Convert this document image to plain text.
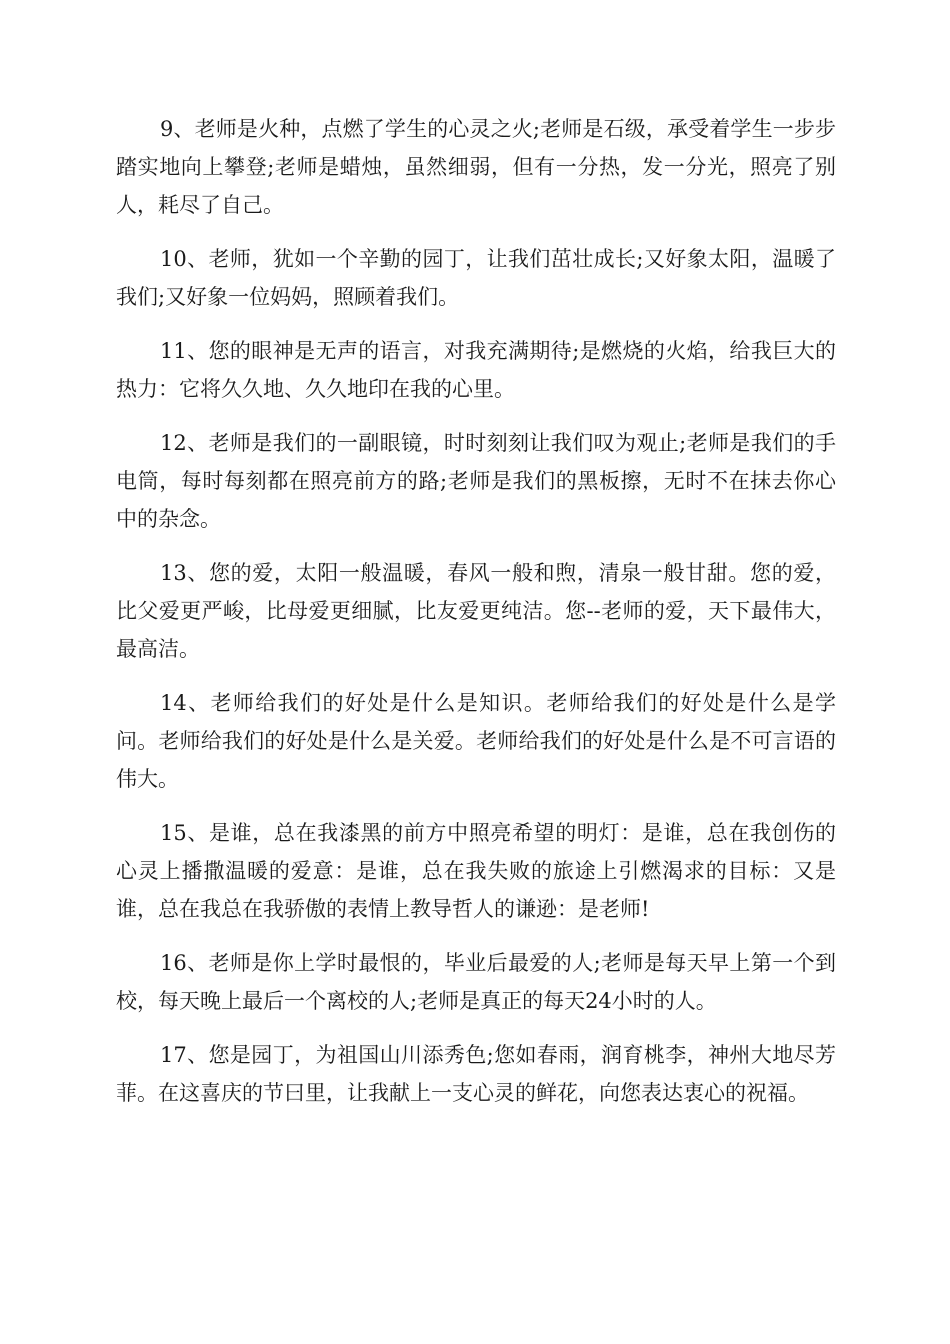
9、老师是火种，点燃了学生的心灵之火;老师是石级，承受着学生一步步踏实地向上攀登;老师是蜡烛，虽然细弱，但有一分热，发一分光，照亮了别人，耗尽了自己。

10、老师，犹如一个辛勤的园丁，让我们茁壮成长;又好象太阳，温暖了我们;又好象一位妈妈，照顾着我们。

11、您的眼神是无声的语言，对我充满期待;是燃烧的火焰，给我巨大的热力：它将久久地、久久地印在我的心里。

12、老师是我们的一副眼镜，时时刻刻让我们叹为观止;老师是我们的手电筒，每时每刻都在照亮前方的路;老师是我们的黑板擦，无时不在抹去你心中的杂念。

13、您的爱，太阳一般温暖，春风一般和煦，清泉一般甘甜。您的爱，比父爱更严峻，比母爱更细腻，比友爱更纯洁。您--老师的爱，天下最伟大，最高洁。

14、老师给我们的好处是什么是知识。老师给我们的好处是什么是学问。老师给我们的好处是什么是关爱。老师给我们的好处是什么是不可言语的伟大。

15、是谁，总在我漆黑的前方中照亮希望的明灯：是谁，总在我创伤的心灵上播撒温暖的爱意：是谁，总在我失败的旅途上引燃渴求的目标：又是谁，总在我总在我骄傲的表情上教导哲人的谦逊：是老师!

16、老师是你上学时最恨的，毕业后最爱的人;老师是每天早上第一个到校，每天晚上最后一个离校的人;老师是真正的每天24小时的人。

17、您是园丁，为祖国山川添秀色;您如春雨，润育桃李，神州大地尽芳菲。在这喜庆的节曰里，让我献上一支心灵的鲜花，向您表达衷心的祝福。
